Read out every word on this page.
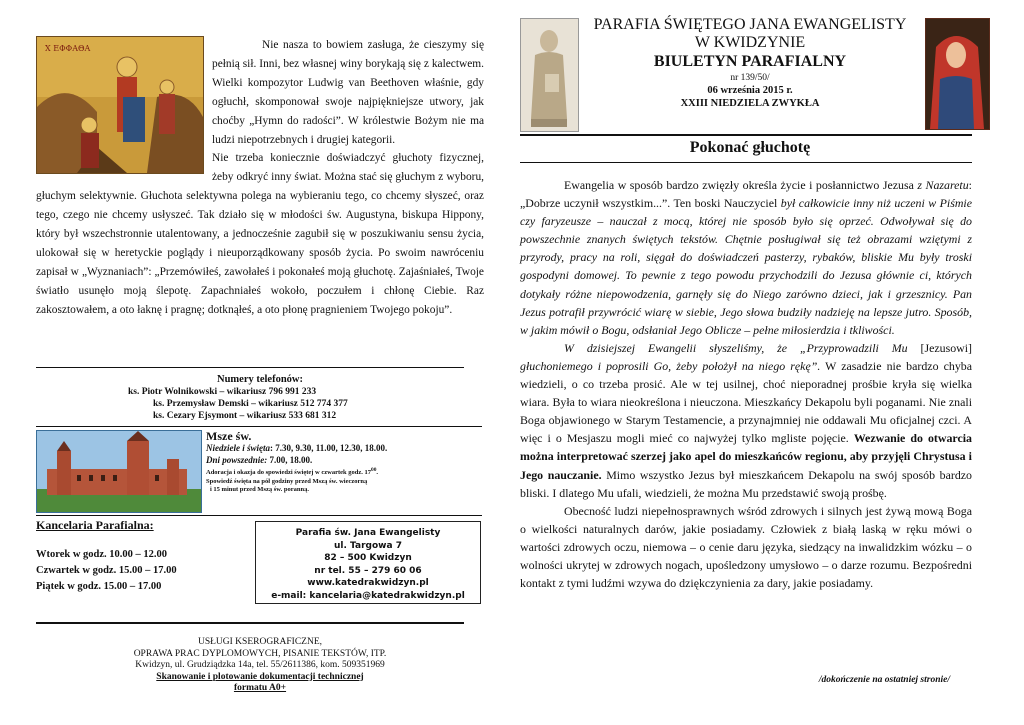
Χ ΕΦΦΑΘΑ	Nie nasza to bowiem zasługa, że cieszymy się pełnią sił. Inni, bez własnej winy borykają się z kalectwem. Wielki kompozytor Ludwig van Beethoven właśnie, gdy ogłuchł, skomponował swoje najpiękniejsze utwory, jak choćby „Hymn do radości”. W królestwie Bożym nie ma ludzi niepotrzebnych i drugiej kategorii.

Nie trzeba koniecznie doświadczyć głuchoty fizycznej, żeby odkryć inny świat. Można stać się głuchym z wyboru, głuchym selektywnie. Głuchota selektywna polega na wybieraniu tego, co chcemy słyszeć, oraz tego, czego nie chcemy usłyszeć. Tak działo się w młodości św. Augustyna, biskupa Hippony, który był wszechstronnie utalentowany, a jednocześnie zagubił się w poszukiwaniu sensu życia, ulokował się w heretyckie poglądy i nieuporządkowany sposób życia. Po swoim nawróceniu zapisał w „Wyznaniach”: „Przemówiłeś, zawołałeś i pokonałeś moją głuchotę. Zajaśniałeś, Twoje światło usunęło moją ślepotę. Zapachniałeś wokoło, poczułem i chłonę Ciebie. Raz zakosztowałem, a oto łaknę i pragnę; dotknąłeś, a oto płonę pragnieniem Twojego pokoju”.

Numery telefonów:
ks. Piotr Wolnikowski – wikariusz 796 991 233
ks. Przemysław Demski – wikariusz 512 774 377
ks. Cezary Ejsymont – wikariusz 533 681 312
Msze św.
Niedziele i święta: 7.30, 9.30, 11.00, 12.30, 18.00.
Dni powszednie: 7.00, 18.00.
Adoracja i okazja do spowiedzi świętej w czwartek godz. $17^{00}$.
Spowiedź święta na pół godziny przed Mszą św. wieczorną
i 15 minut przed Mszą św. poranną.
Kancelaria Parafialna:
Wtorek w godz. 10.00 – 12.00
Czwartek w godz. 15.00 – 17.00
Piątek w godz. 15.00 – 17.00
Parafia św. Jana Ewangelisty
ul. Targowa 7
82 – 500 Kwidzyn
nr tel. 55 – 279 60 06
www.katedrakwidzyn.pl
e-mail: kancelaria@katedrakwidzyn.pl
USŁUGI KSEROGRAFICZNE,
OPRAWA PRAC DYPLOMOWYCH, PISANIE TEKSTÓW, ITP.
Kwidzyn, ul. Grudziądzka 14a, tel. 55/2611386, kom. 509351969
Skanowanie i plotowanie dokumentacji technicznej
formatu A0+
PARAFIA ŚWIĘTEGO JANA EWANGELISTY
W KWIDZYNIE
BIULETYN PARAFIALNY
nr 139/50/
06 września 2015 r.
XXIII NIEDZIELA ZWYKŁA
Pokonać głuchotę

Ewangelia w sposób bardzo zwięzły określa życie i posłannictwo Jezusa z Nazaretu: „Dobrze uczynił wszystkim...”. Ten boski Nauczyciel był całkowicie inny niż uczeni w Piśmie czy faryzeusze – nauczał z mocą, której nie sposób było się oprzeć. Odwoływał się do powszechnie znanych świętych tekstów. Chętnie posługiwał się też obrazami wziętymi z przyrody, pracy na roli, sięgał do doświadczeń pasterzy, rybaków, bliskie Mu były troski gospodyni domowej. To pewnie z tego powodu przychodzili do Jezusa głównie ci, których dotykały różne niepowodzenia, garnęły się do Niego zarówno dzieci, jak i grzesznicy. Pan Jezus potrafił przywrócić wiarę w siebie, Jego słowa budziły nadzieję na lepsze jutro. Sposób, w jakim mówił o Bogu, odsłaniał Jego Oblicze – pełne miłosierdzia i tkliwości.

W dzisiejszej Ewangelii słyszeliśmy, że „Przyprowadzili Mu [Jezusowi] głuchoniemego i poprosili Go, żeby położył na niego rękę”. W zasadzie nie bardzo chyba wiedzieli, o co trzeba prosić. Ale w tej usilnej, choć nieporadnej prośbie kryła się wielka wiara. Była to wiara nieokreślona i nieuczona. Mieszkańcy Dekapolu byli poganami. Nie znali Boga objawionego w Starym Testamencie, a przynajmniej nie oddawali Mu oficjalnej czci. A więc i o Mesjaszu mogli mieć co najwyżej tylko mgliste pojęcie. Wezwanie do otwarcia można interpretować szerzej jako apel do mieszkańców regionu, aby przyjęli Chrystusa i Jego nauczanie. Mimo wszystko Jezus był mieszkańcem Dekapolu na swój sposób bardzo bliski. I dlatego Mu ufali, wiedzieli, że można Mu przedstawić swoją prośbę.

Obecność ludzi niepełnosprawnych wśród zdrowych i silnych jest żywą mową Boga o wielkości naturalnych darów, jakie posiadamy. Człowiek z białą laską w ręku mówi o wartości zdrowych oczu, niemowa – o cenie daru języka, siedzący na inwalidzkim wózku – o wolności ukrytej w zdrowych nogach, upośledzony umysłowo – o darze rozumu. Bezpośredni kontakt z tymi ludźmi wzywa do dziękczynienia za dary, jakie posiadamy.

/dokończenie na ostatniej stronie/
